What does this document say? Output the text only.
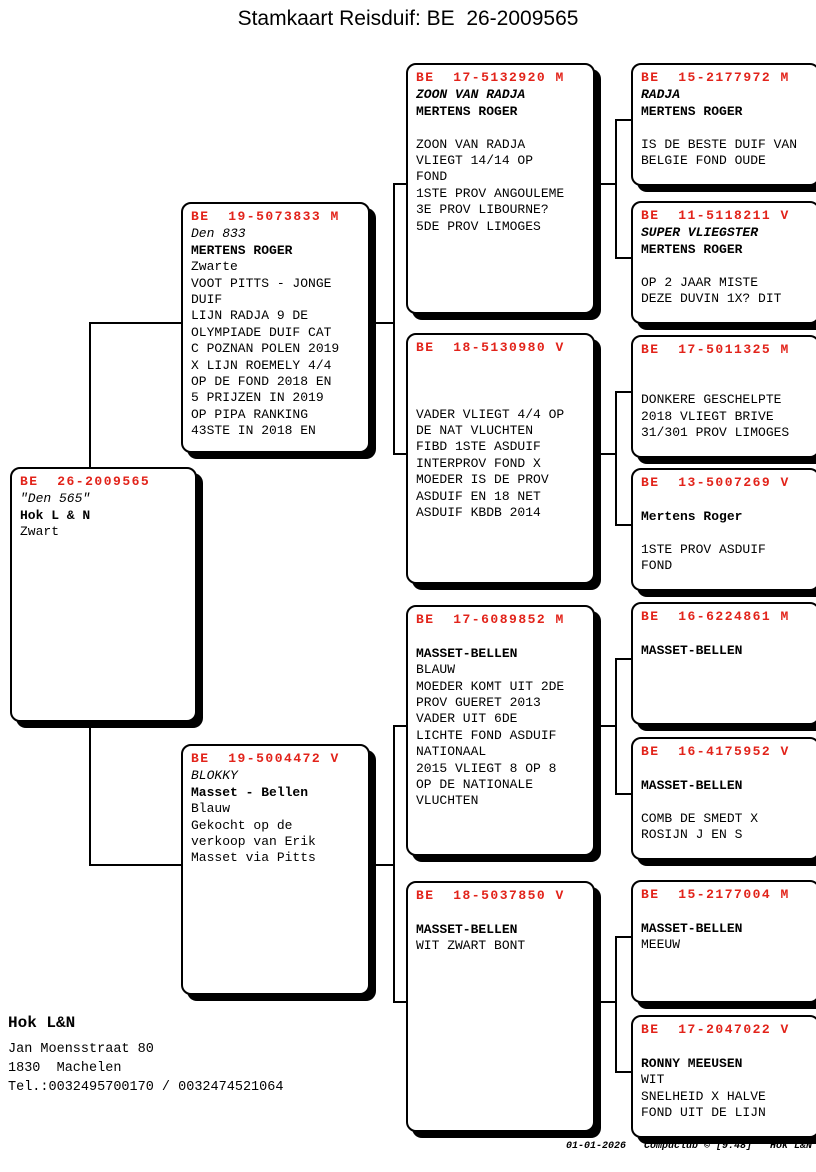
Stamkaart Reisduif: BE  26-2009565
BE  26-2009565
"Den 565"
Hok L & N
Zwart
BE  19-5073833 M
Den 833
MERTENS ROGER
Zwarte
VOOT PITTS - JONGE
DUIF
LIJN RADJA 9 DE
OLYMPIADE DUIF CAT
C POZNAN POLEN 2019
X LIJN ROEMELY 4/4
OP DE FOND 2018 EN
5 PRIJZEN IN 2019
OP PIPA RANKING
43STE IN 2018 EN
BE  19-5004472 V
BLOKKY
Masset - Bellen
Blauw
Gekocht op de
verkoop van Erik
Masset via Pitts
BE  17-5132920 M
ZOON VAN RADJA
MERTENS ROGER

ZOON VAN RADJA
VLIEGT 14/14 OP
FOND
1STE PROV ANGOULEME
3E PROV LIBOURNE?
5DE PROV LIMOGES
BE  18-5130980 V

VADER VLIEGT 4/4 OP
DE NAT VLUCHTEN
FIBD 1STE ASDUIF
INTERPROV FOND X
MOEDER IS DE PROV
ASDUIF EN 18 NET
ASDUIF KBDB 2014
BE  17-6089852 M

MASSET-BELLEN
BLAUW
MOEDER KOMT UIT 2DE
PROV GUERET 2013
VADER UIT 6DE
LICHTE FOND ASDUIF
NATIONAAL
2015 VLIEGT 8 OP 8
OP DE NATIONALE
VLUCHTEN
BE  18-5037850 V

MASSET-BELLEN
WIT ZWART BONT
BE  15-2177972 M
RADJA
MERTENS ROGER

IS DE BESTE DUIF VAN
BELGIE FOND OUDE
BE  11-5118211 V
SUPER VLIEGSTER
MERTENS ROGER

OP 2 JAAR MISTE
DEZE DUVIN 1X? DIT
BE  17-5011325 M

DONKERE GESCHELPTE
2018 VLIEGT BRIVE
31/301 PROV LIMOGES
BE  13-5007269 V

Mertens Roger

1STE PROV ASDUIF
FOND
BE  16-6224861 M

MASSET-BELLEN
BE  16-4175952 V

MASSET-BELLEN

COMB DE SMEDT X
ROSIJN J EN S
BE  15-2177004 M

MASSET-BELLEN
MEEUW
BE  17-2047022 V

RONNY MEEUSEN
WIT
SNELHEID X HALVE
FOND UIT DE LIJN
Hok L&N
Jan Moensstraat 80
1830  Machelen
Tel.:0032495700170 / 0032474521064
01-01-2026   Compuclub © [9.48]   Hok L&N
